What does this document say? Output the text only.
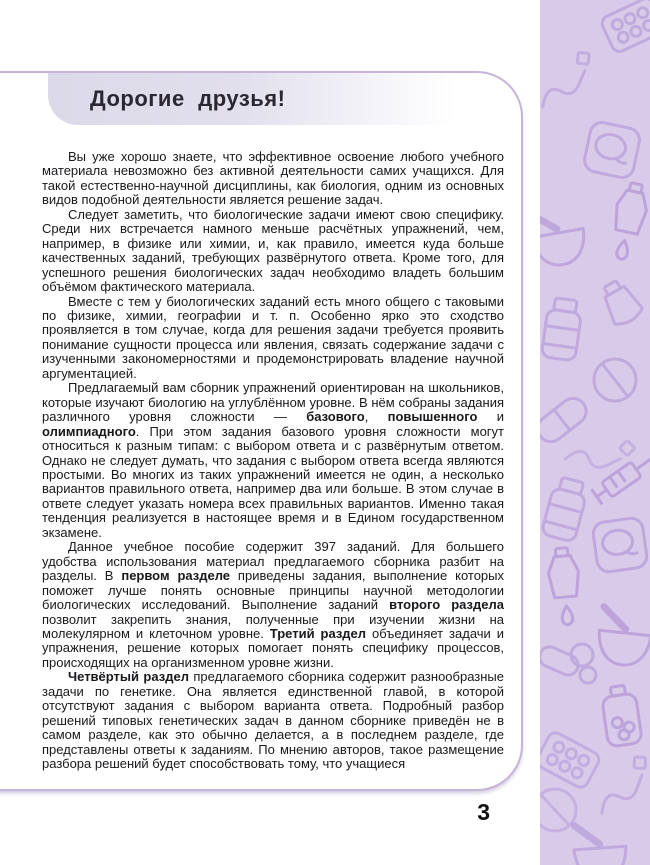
Дорогие друзья!

Вы уже хорошо знаете, что эффективное освоение любого учебного материала невозможно без активной деятельности самих учащихся. Для такой естественно-научной дисциплины, как биология, одним из основных видов подобной деятельности является решение задач.

Следует заметить, что биологические задачи имеют свою специфику. Среди них встречается намного меньше расчётных упражнений, чем, например, в физике или химии, и, как правило, имеется куда больше качественных заданий, требующих развёрнутого ответа. Кроме того, для успешного решения биологических задач необходимо владеть большим объёмом фактического материала.

Вместе с тем у биологических заданий есть много общего с таковыми по физике, химии, географии и т. п. Особенно ярко это сходство проявляется в том случае, когда для решения задачи требуется проявить понимание сущности процесса или явления, связать содержание задачи с изученными закономерностями и продемонстрировать владение научной аргументацией.

Предлагаемый вам сборник упражнений ориентирован на школьников, которые изучают биологию на углублённом уровне. В нём собраны задания различного уровня сложности — базового, повышенного и олимпиадного. При этом задания базового уровня сложности могут относиться к разным типам: с выбором ответа и с развёрнутым ответом. Однако не следует думать, что задания с выбором ответа всегда являются простыми. Во многих из таких упражнений имеется не один, а несколько вариантов правильного ответа, например два или больше. В этом случае в ответе следует указать номера всех правильных вариантов. Именно такая тенденция реализуется в настоящее время и в Едином государственном экзамене.

Данное учебное пособие содержит 397 заданий. Для большего удобства использования материал предлагаемого сборника разбит на разделы. В первом разделе приведены задания, выполнение которых поможет лучше понять основные принципы научной методологии биологических исследований. Выполнение заданий второго раздела позволит закрепить знания, полученные при изучении жизни на молекулярном и клеточном уровне. Третий раздел объединяет задачи и упражнения, решение которых помогает понять специфику процессов, происходящих на организменном уровне жизни.

Четвёртый раздел предлагаемого сборника содержит разнообразные задачи по генетике. Она является единственной главой, в которой отсутствуют задания с выбором варианта ответа. Подробный разбор решений типовых генетических задач в данном сборнике приведён не в самом разделе, как это обычно делается, а в последнем разделе, где представлены ответы к заданиям. По мнению авторов, такое размещение разбора решений будет способствовать тому, что учащиеся

3
